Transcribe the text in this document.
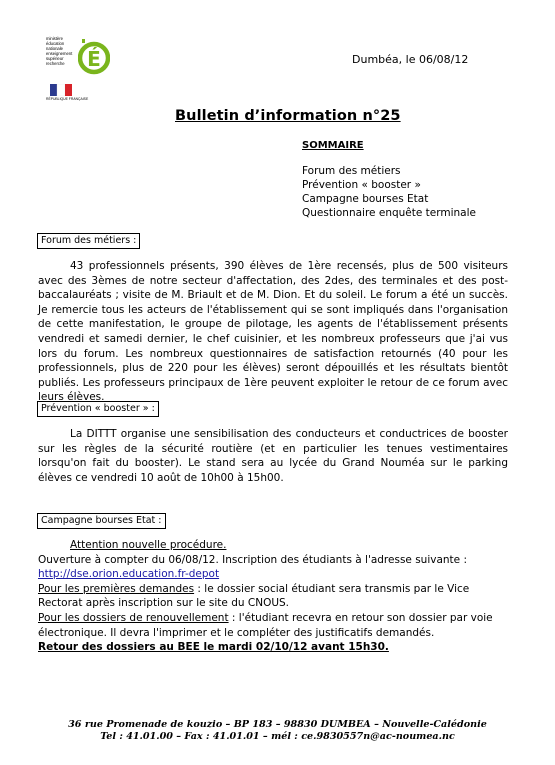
ministère
éducation
nationale
enseignement
supérieur
recherche	É
RÉPUBLIQUE FRANÇAISE
Dumbéa, le 06/08/12
Bulletin d’information n°25
SOMMAIRE
Forum des métiers
Prévention « booster »
Campagne bourses Etat
Questionnaire enquête terminale
Forum des métiers :
43 professionnels présents, 390 élèves de 1ère recensés, plus de 500 visiteurs avec des 3èmes de notre secteur d'affectation, des 2des, des terminales et des post-baccalauréats ; visite de M. Briault et de M. Dion. Et du soleil. Le forum a été un succès. Je remercie tous les acteurs de l'établissement qui se sont impliqués dans l'organisation de cette manifestation, le groupe de pilotage, les agents de l'établissement présents vendredi et samedi dernier, le chef cuisinier, et les nombreux professeurs que j'ai vus lors du forum. Les nombreux questionnaires de satisfaction retournés (40 pour les professionnels, plus de 220 pour les élèves) seront dépouillés et les résultats bientôt publiés. Les professeurs principaux de 1ère peuvent exploiter le retour de ce forum avec leurs élèves.
Prévention « booster » :
La DITTT organise une sensibilisation des conducteurs et conductrices de booster sur les règles de la sécurité routière (et en particulier les tenues vestimentaires lorsqu'on fait du booster). Le stand sera au lycée du Grand Nouméa sur le parking élèves ce vendredi 10 août de 10h00 à 15h00.
Campagne bourses Etat :
Attention nouvelle procédure.
Ouverture à compter du 06/08/12. Inscription des étudiants à l'adresse suivante :
http://dse.orion.education.fr-depot
Pour les premières demandes : le dossier social étudiant sera transmis par le Vice Rectorat après inscription sur le site du CNOUS.
Pour les dossiers de renouvellement : l'étudiant recevra en retour son dossier par voie électronique. Il devra l'imprimer et le compléter des justificatifs demandés.
Retour des dossiers au BEE le mardi 02/10/12 avant 15h30.
36 rue Promenade de kouzio – BP 183 – 98830 DUMBEA – Nouvelle-Calédonie
Tel : 41.01.00 – Fax : 41.01.01 – mél : ce.9830557n@ac-noumea.nc
